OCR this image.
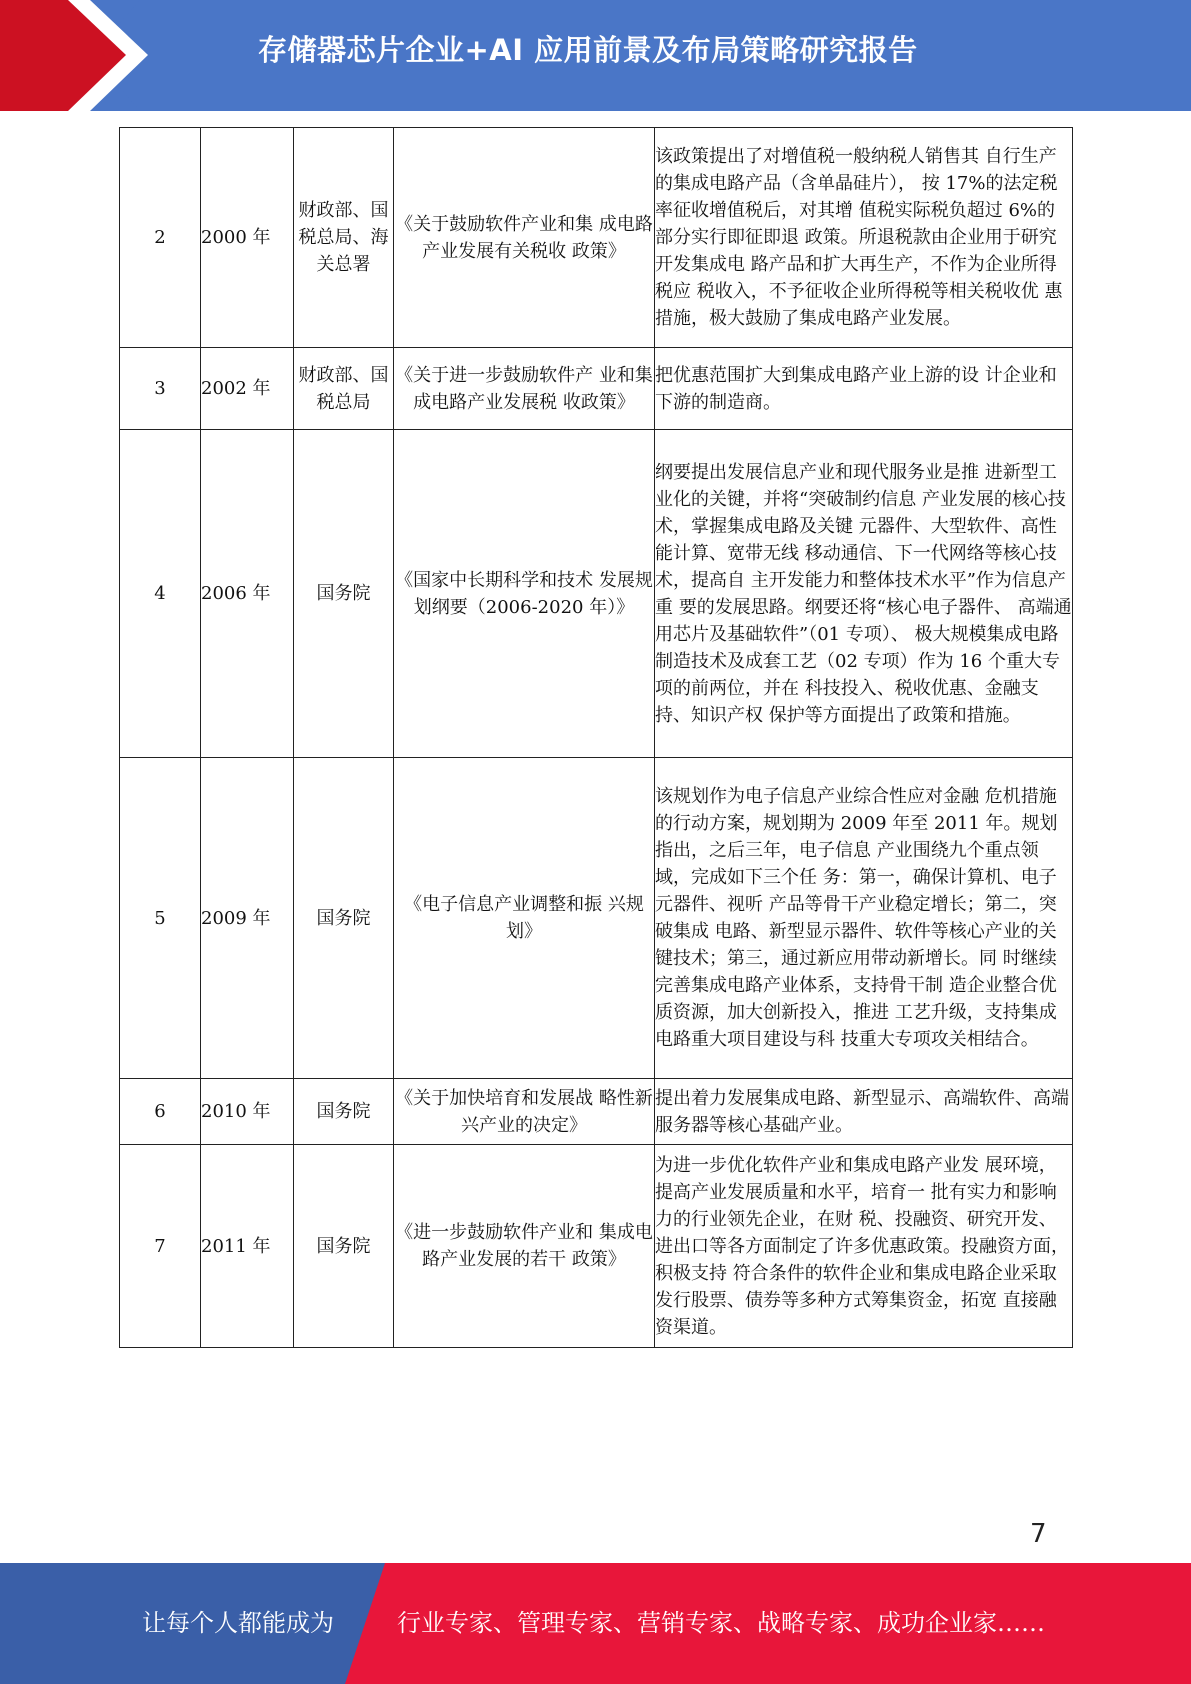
存储器芯片企业+AI 应用前景及布局策略研究报告
2	2000 年	财政部、国税总局、海关总署	《关于鼓励软件产业和集 成电路产业发展有关税收 政策》	该政策提出了对增值税一般纳税人销售其 自行生产的集成电路产品（含单晶硅片）， 按 17%的法定税率征收增值税后，对其增 值税实际税负超过 6%的部分实行即征即退 政策。所退税款由企业用于研究开发集成电 路产品和扩大再生产，不作为企业所得税应 税收入，不予征收企业所得税等相关税收优 惠措施，极大鼓励了集成电路产业发展。
3	2002 年	财政部、国税总局	《关于进一步鼓励软件产 业和集成电路产业发展税 收政策》	把优惠范围扩大到集成电路产业上游的设 计企业和下游的制造商。
4	2006 年	国务院	《国家中长期科学和技术 发展规划纲要（2006-2020 年）》	纲要提出发展信息产业和现代服务业是推 进新型工业化的关键，并将“突破制约信息 产业发展的核心技术，掌握集成电路及关键 元器件、大型软件、高性能计算、宽带无线 移动通信、下一代网络等核心技术，提高自 主开发能力和整体技术水平”作为信息产重 要的发展思路。纲要还将“核心电子器件、 高端通用芯片及基础软件”（01 专项）、 极大规模集成电路制造技术及成套工艺（02 专项）作为 16 个重大专项的前两位，并在 科技投入、税收优惠、金融支持、知识产权 保护等方面提出了政策和措施。
5	2009 年	国务院	《电子信息产业调整和振 兴规划》	该规划作为电子信息产业综合性应对金融 危机措施的行动方案，规划期为 2009 年至 2011 年。规划指出，之后三年，电子信息 产业围绕九个重点领域，完成如下三个任 务：第一，确保计算机、电子元器件、视听 产品等骨干产业稳定增长；第二，突破集成 电路、新型显示器件、软件等核心产业的关 键技术；第三，通过新应用带动新增长。同 时继续完善集成电路产业体系，支持骨干制 造企业整合优质资源，加大创新投入，推进 工艺升级，支持集成电路重大项目建设与科 技重大专项攻关相结合。
6	2010 年	国务院	《关于加快培育和发展战 略性新兴产业的决定》	提出着力发展集成电路、新型显示、高端软件、高端服务器等核心基础产业。
7	2011 年	国务院	《进一步鼓励软件产业和 集成电路产业发展的若干 政策》	为进一步优化软件产业和集成电路产业发 展环境，提高产业发展质量和水平，培育一 批有实力和影响力的行业领先企业，在财 税、投融资、研究开发、进出口等各方面制定了许多优惠政策。投融资方面，积极支持 符合条件的软件企业和集成电路企业采取 发行股票、债券等多种方式筹集资金，拓宽 直接融资渠道。
7
让每个人都能成为	行业专家、管理专家、营销专家、战略专家、成功企业家……
